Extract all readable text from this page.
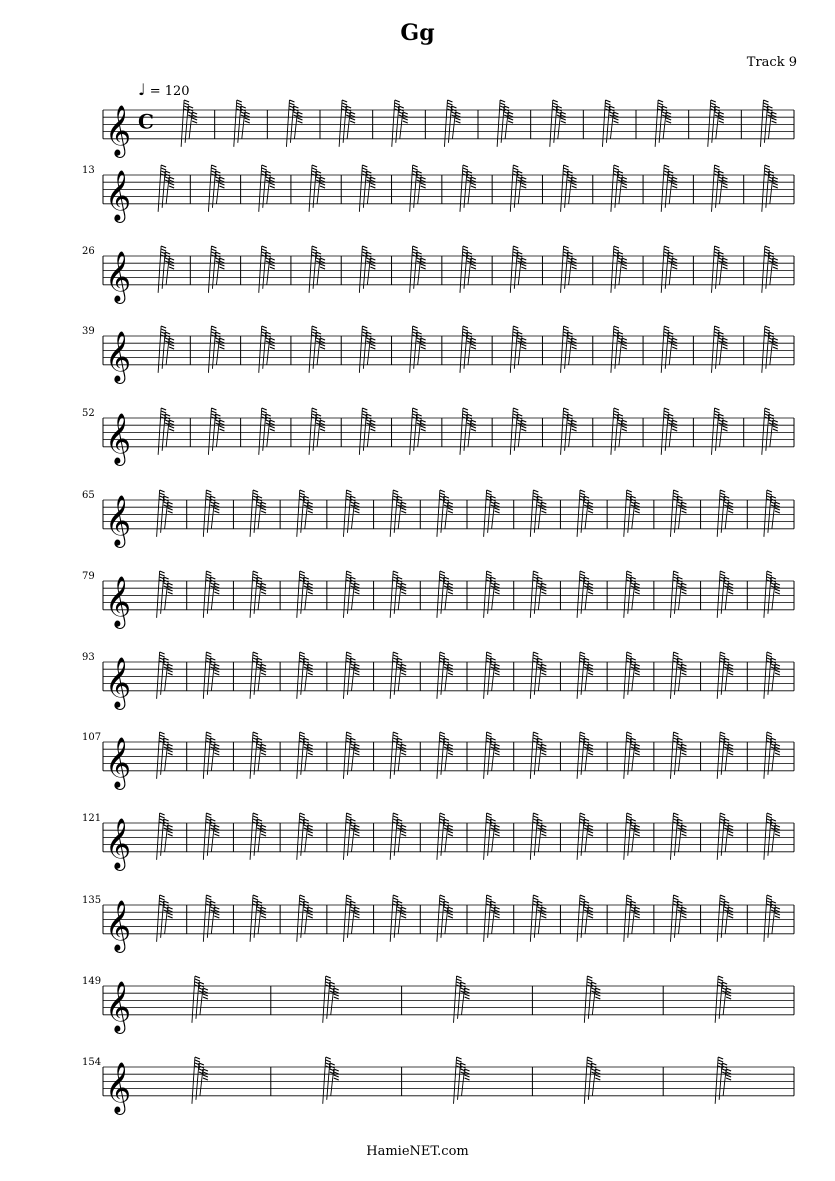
Gg
Track 9
♩ = 120
𝄞 C
13 𝄞
26 𝄞
39 𝄞
52 𝄞
65 𝄞
79 𝄞
93 𝄞
107 𝄞
121 𝄞
135 𝄞
149 𝄞
154 𝄞
HamieNET.com
